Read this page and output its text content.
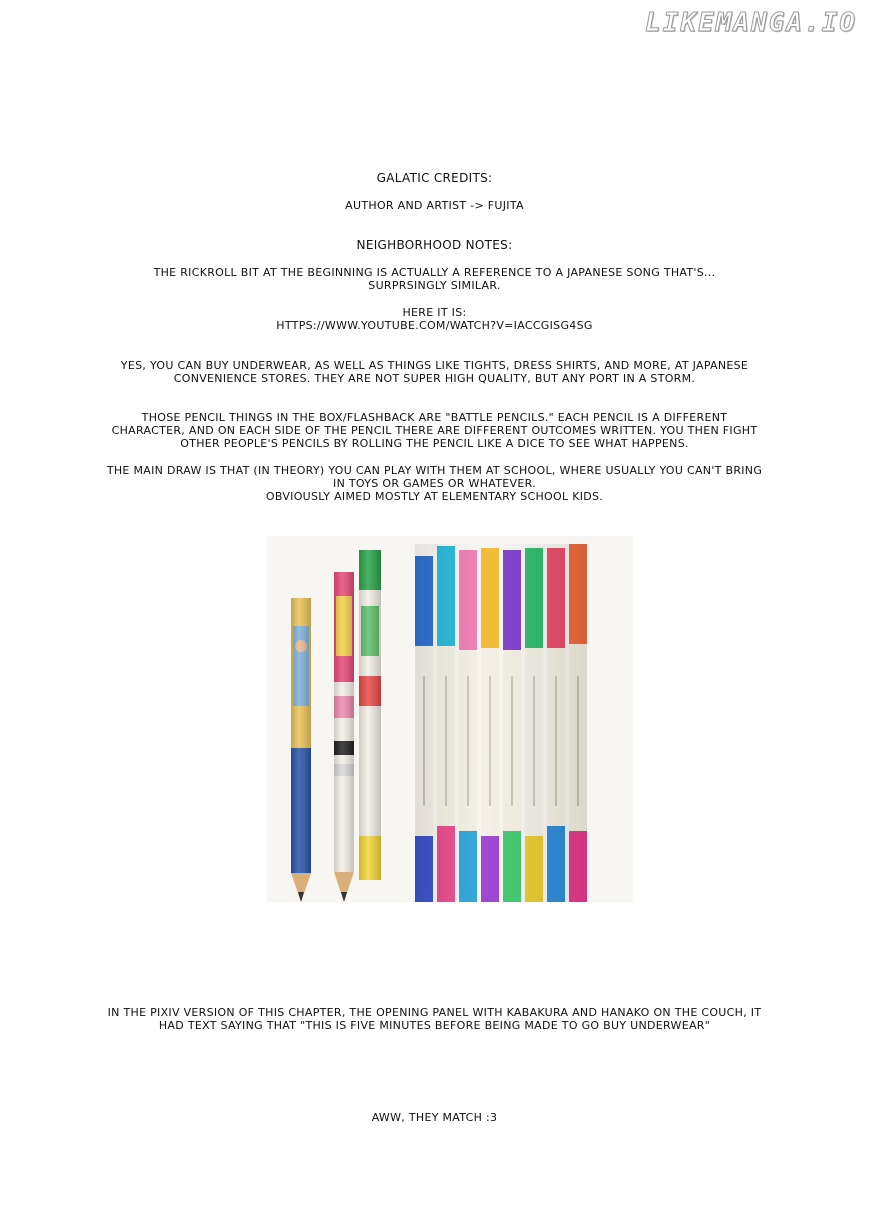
LIKEMANGA.IO
GALATIC CREDITS:
AUTHOR AND ARTIST -> FUJITA
NEIGHBORHOOD NOTES:
THE RICKROLL BIT AT THE BEGINNING IS ACTUALLY A REFERENCE TO A JAPANESE SONG THAT'S...
SURPRSINGLY SIMILAR.
HERE IT IS:
HTTPS://WWW.YOUTUBE.COM/WATCH?V=IACCGISG4SG
YES, YOU CAN BUY UNDERWEAR, AS WELL AS THINGS LIKE TIGHTS, DRESS SHIRTS, AND MORE, AT JAPANESE
CONVENIENCE STORES. THEY ARE NOT SUPER HIGH QUALITY, BUT ANY PORT IN A STORM.
THOSE PENCIL THINGS IN THE BOX/FLASHBACK ARE "BATTLE PENCILS." EACH PENCIL IS A DIFFERENT
CHARACTER, AND ON EACH SIDE OF THE PENCIL THERE ARE DIFFERENT OUTCOMES WRITTEN. YOU THEN FIGHT
OTHER PEOPLE'S PENCILS BY ROLLING THE PENCIL LIKE A DICE TO SEE WHAT HAPPENS.
THE MAIN DRAW IS THAT (IN THEORY) YOU CAN PLAY WITH THEM AT SCHOOL, WHERE USUALLY YOU CAN'T BRING
IN TOYS OR GAMES OR WHATEVER.
OBVIOUSLY AIMED MOSTLY AT ELEMENTARY SCHOOL KIDS.
IN THE PIXIV VERSION OF THIS CHAPTER, THE OPENING PANEL WITH KABAKURA AND HANAKO ON THE COUCH, IT
HAD TEXT SAYING THAT "THIS IS FIVE MINUTES BEFORE BEING MADE TO GO BUY UNDERWEAR"
AWW, THEY MATCH :3
